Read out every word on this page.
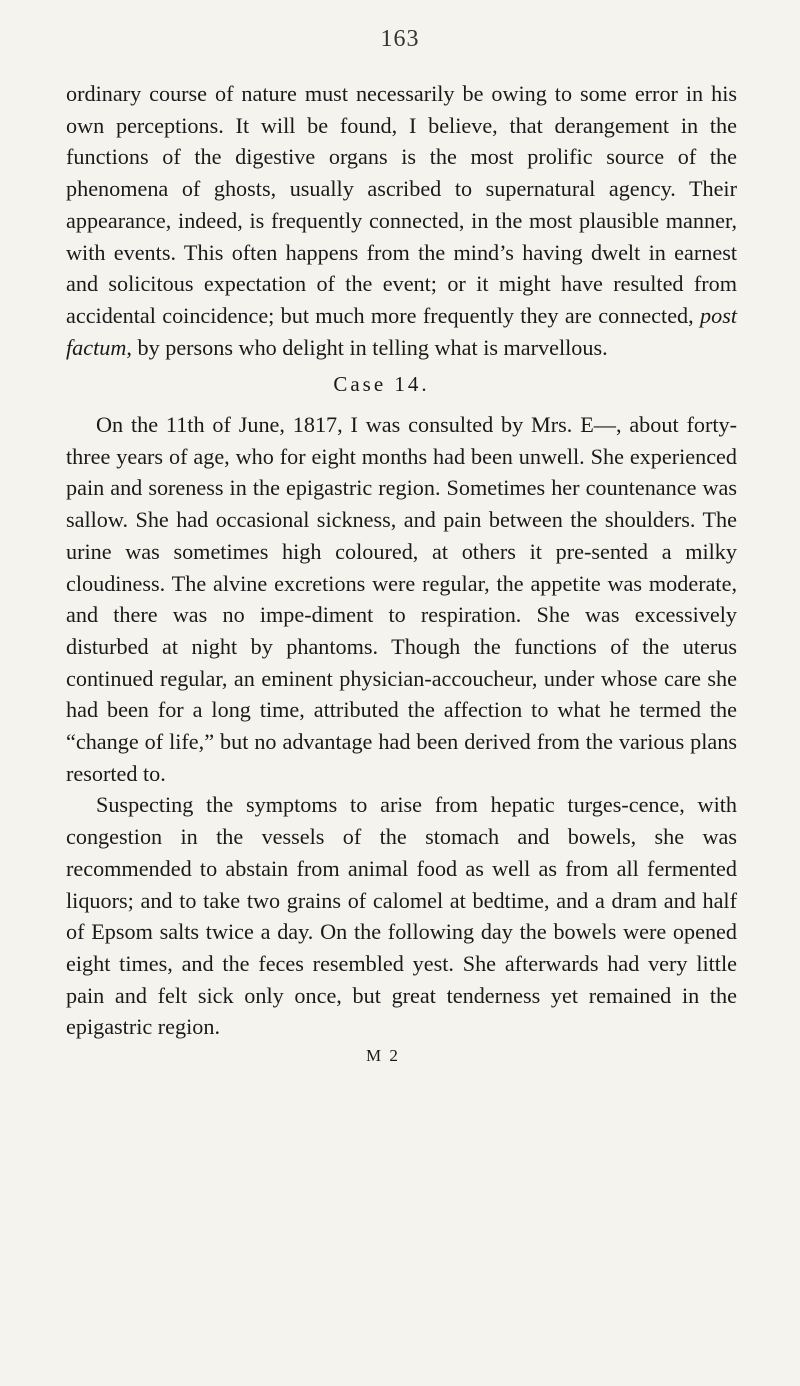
163

ordinary course of nature must necessarily be owing to some error in his own perceptions. It will be found, I believe, that derangement in the functions of the digestive organs is the most prolific source of the phenomena of ghosts, usually ascribed to supernatural agency. Their appearance, indeed, is frequently connected, in the most plausible manner, with events. This often happens from the mind’s having dwelt in earnest and solicitous expectation of the event; or it might have resulted from accidental coincidence; but much more frequently they are connected, post factum, by persons who delight in telling what is marvellous.

Case 14.

On the 11th of June, 1817, I was consulted by Mrs. E—, about forty-three years of age, who for eight months had been unwell. She experienced pain and soreness in the epigastric region. Sometimes her countenance was sallow. She had occasional sickness, and pain between the shoulders. The urine was sometimes high coloured, at others it pre-sented a milky cloudiness. The alvine excretions were regular, the appetite was moderate, and there was no impe-diment to respiration. She was excessively disturbed at night by phantoms. Though the functions of the uterus continued regular, an eminent physician-accoucheur, under whose care she had been for a long time, attributed the affection to what he termed the “change of life,” but no advantage had been derived from the various plans resorted to.

Suspecting the symptoms to arise from hepatic turges-cence, with congestion in the vessels of the stomach and bowels, she was recommended to abstain from animal food as well as from all fermented liquors; and to take two grains of calomel at bedtime, and a dram and half of Epsom salts twice a day. On the following day the bowels were opened eight times, and the feces resembled yest. She afterwards had very little pain and felt sick only once, but great tenderness yet remained in the epigastric region.

M 2
